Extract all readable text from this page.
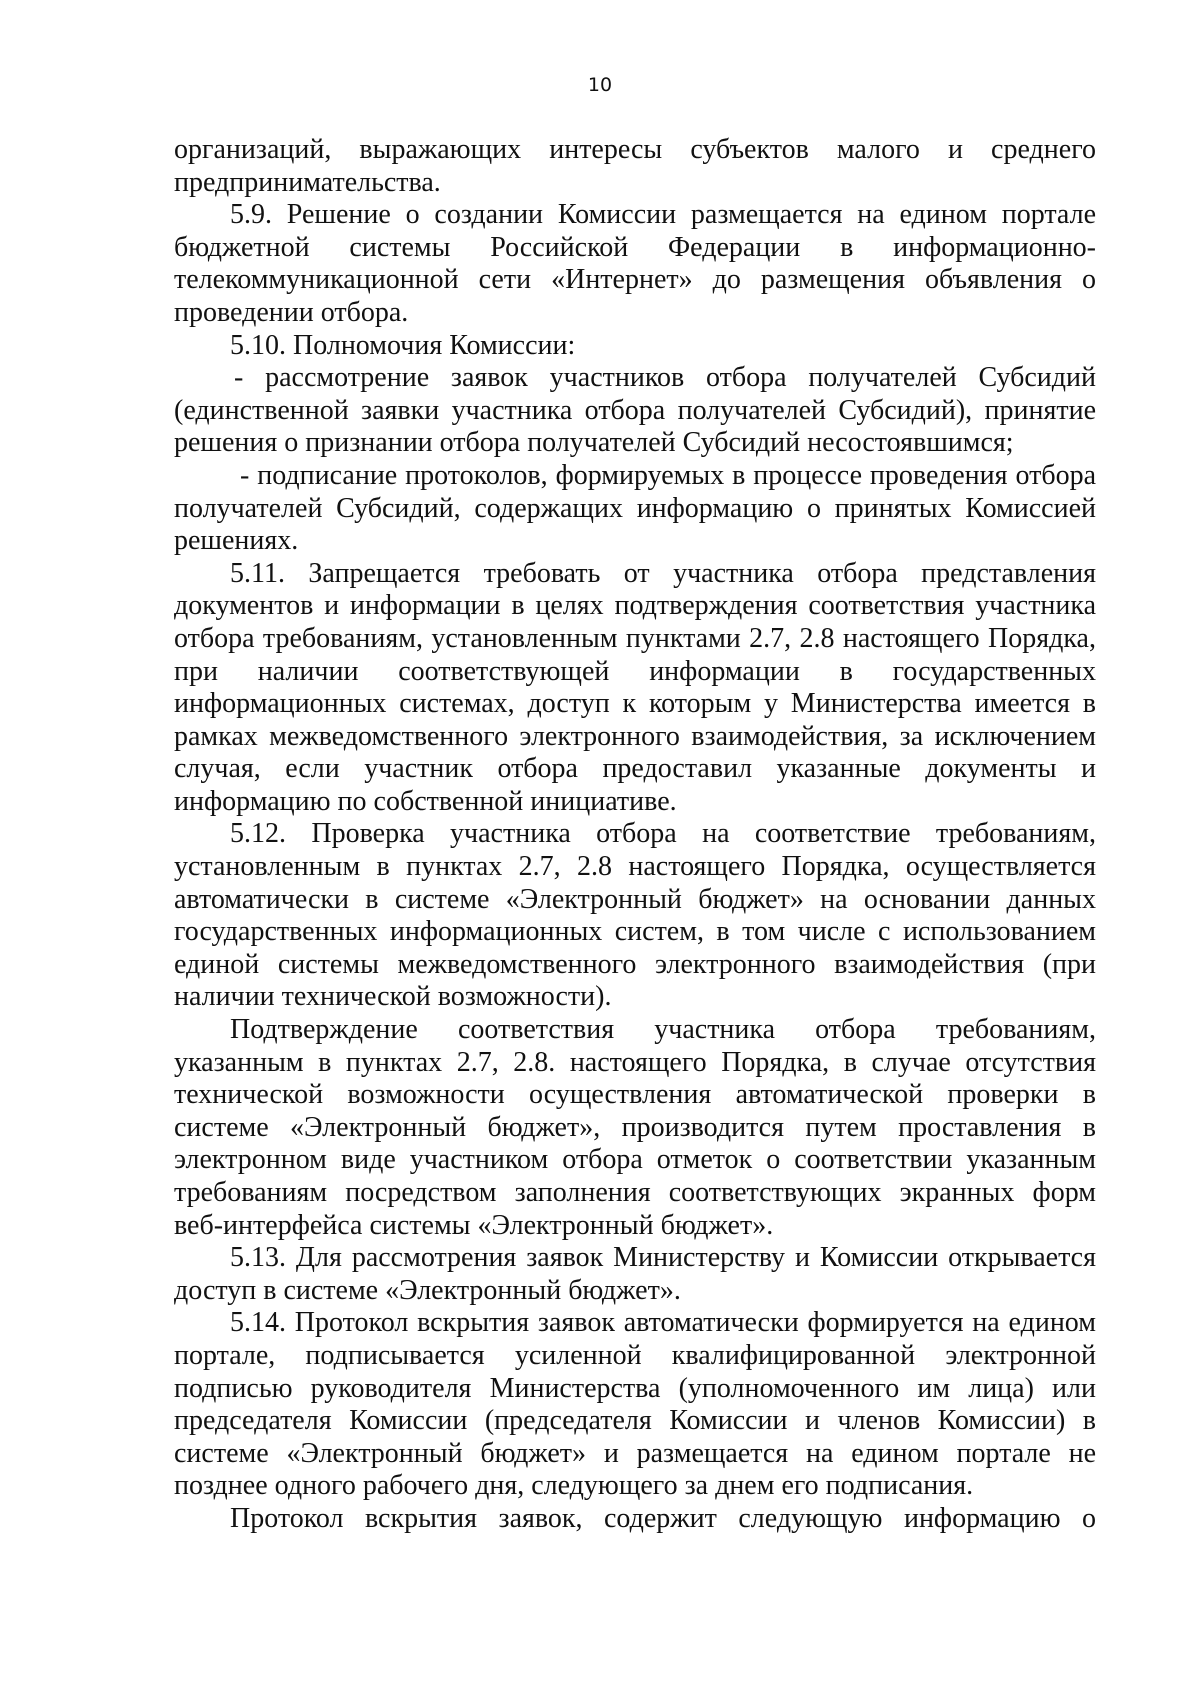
10

организаций, выражающих интересы субъектов малого и среднего предпринимательства.

5.9. Решение о создании Комиссии размещается на едином портале бюджетной системы Российской Федерации в информационно-телекоммуникационной сети «Интернет» до размещения объявления о проведении отбора.

5.10. Полномочия Комиссии:

- рассмотрение заявок участников отбора получателей Субсидий (единственной заявки участника отбора получателей Субсидий), принятие решения о признании отбора получателей Субсидий несостоявшимся;

- подписание протоколов, формируемых в процессе проведения отбора получателей Субсидий, содержащих информацию о принятых Комиссией решениях.

5.11. Запрещается требовать от участника отбора представления документов и информации в целях подтверждения соответствия участника отбора требованиям, установленным пунктами 2.7, 2.8 настоящего Порядка, при наличии соответствующей информации в государственных информационных системах, доступ к которым у Министерства имеется в рамках межведомственного электронного взаимодействия, за исключением случая, если участник отбора предоставил указанные документы и информацию по собственной инициативе.

5.12. Проверка участника отбора на соответствие требованиям, установленным в пунктах 2.7, 2.8 настоящего Порядка, осуществляется автоматически в системе «Электронный бюджет» на основании данных государственных информационных систем, в том числе с использованием единой системы межведомственного электронного взаимодействия (при наличии технической возможности).

Подтверждение соответствия участника отбора требованиям, указанным в пунктах 2.7, 2.8. настоящего Порядка, в случае отсутствия технической возможности осуществления автоматической проверки в системе «Электронный бюджет», производится путем проставления в электронном виде участником отбора отметок о соответствии указанным требованиям посредством заполнения соответствующих экранных форм веб-интерфейса системы «Электронный бюджет».

5.13. Для рассмотрения заявок Министерству и Комиссии открывается доступ в системе «Электронный бюджет».

5.14. Протокол вскрытия заявок автоматически формируется на едином портале, подписывается усиленной квалифицированной электронной подписью руководителя Министерства (уполномоченного им лица) или председателя Комиссии (председателя Комиссии и членов Комиссии) в системе «Электронный бюджет» и размещается на едином портале не позднее одного рабочего дня, следующего за днем его подписания.

Протокол вскрытия заявок, содержит следующую информацию о
